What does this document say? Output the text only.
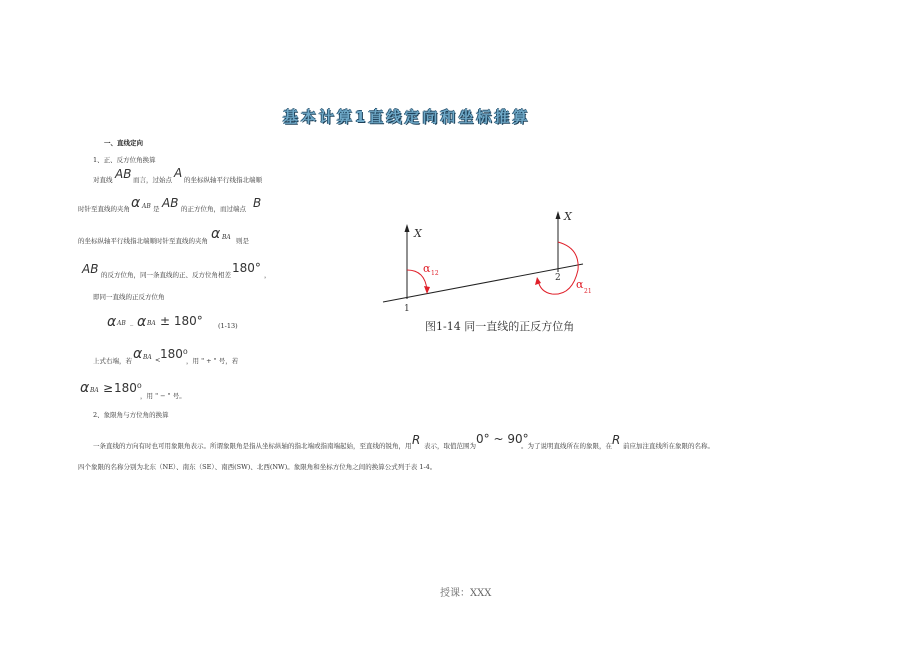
基本计算1直线定向和坐标推算
一、直线定向
1、正、反方位角换算
对直线 AB 而言，过始点 A 的坐标纵轴平行线指北端顺
时针至直线的夹角 α AB 是 AB 的正方位角，而过端点 B
的坐标纵轴平行线指北端顺时针至直线的夹角 α BA 则是
AB 的反方位角，同一条直线的正、反方位角相差 180° ，
即同一直线的正反方位角
α AB _ α BA ± 180° (1-13)
上式右端，若 α BA < 180⁰
，用 " + " 号，若
α BA ≥ 180⁰
，用 " − " 号。
2、象限角与方位角的换算
一条直线的方向有时也可用象限角表示。所谓象限角是指从坐标纵轴的指北端或指南端起始，至直线的锐角，用 R 表示，取值范围为 0° ~ 90°
。为了说明直线所在的象限，在 R 前应加注直线所在象限的名称。
四个象限的名称分别为北东（NE）、南东（SE）、南西(SW)、北西(NW)。象限角和坐标方位角之间的换算公式列于表 1-4。
X
X
1
2
α 12
α
21
图1-14 同一直线的正反方位角
授课：XXX
